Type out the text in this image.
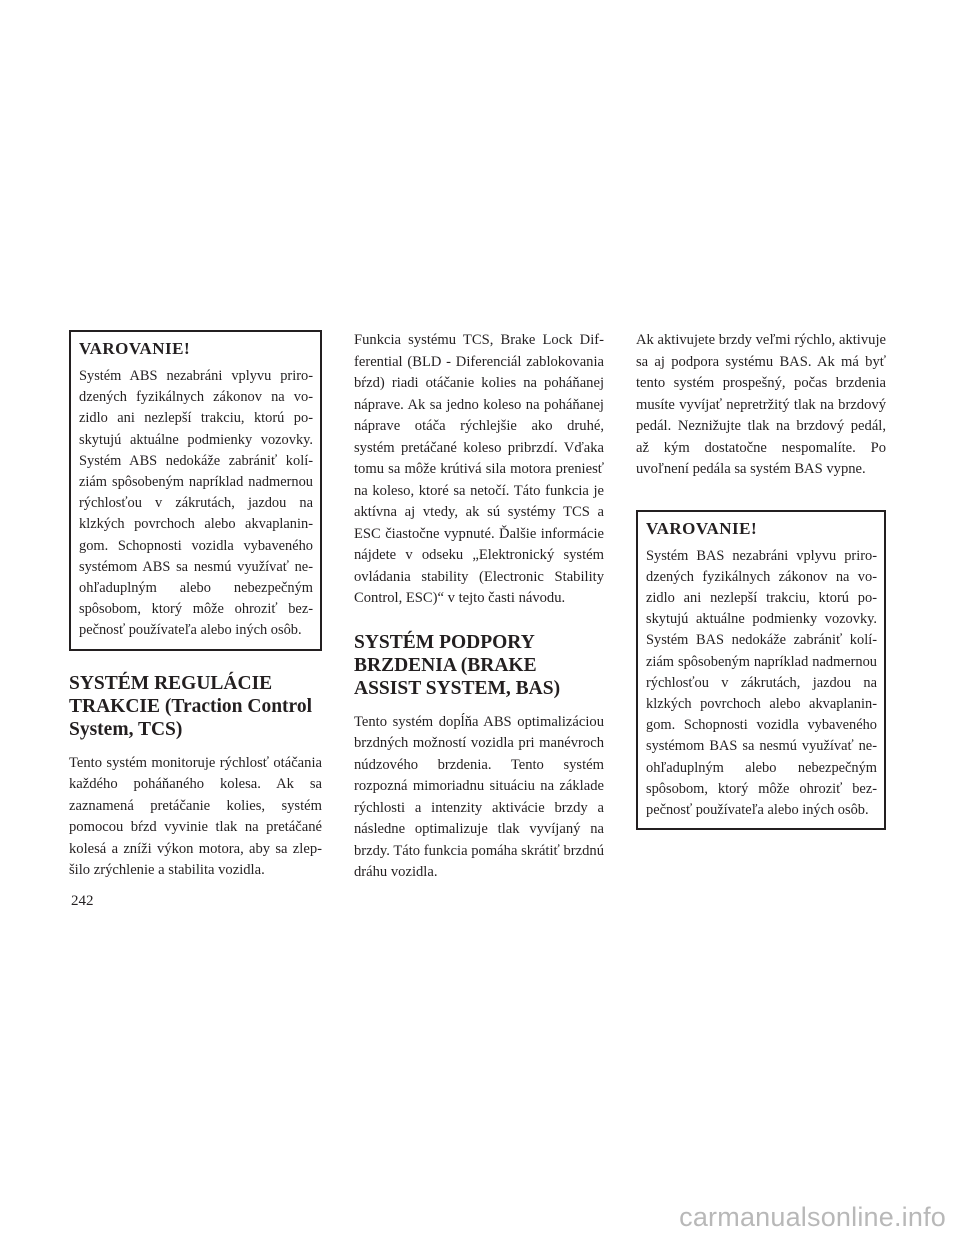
VAROVANIE!

Systém ABS nezabráni vplyvu prirodzených fyzikálnych zákonov na vozidlo ani nezlepší trakciu, ktorú poskytujú aktuálne podmienky vozovky. Systém ABS nedokáže zabrániť kolíziám spôsobeným napríklad nadmernou rýchlosťou v zákrutách, jazdou na klzkých povrchoch alebo akvaplaningom. Schopnosti vozidla vybaveného systémom ABS sa nesmú využívať neohľaduplným alebo nebezpečným spôsobom, ktorý môže ohroziť bezpečnosť používateľa alebo iných osôb.

SYSTÉM REGULÁCIE TRAKCIE (Traction Control System, TCS)

Tento systém monitoruje rýchlosť otáčania každého poháňaného kolesa. Ak sa zaznamená pretáčanie kolies, systém pomocou bŕzd vyvinie tlak na pretáčané kolesá a zníži výkon motora, aby sa zlepšilo zrýchlenie a stabilita vozidla.

Funkcia systému TCS, Brake Lock Differential (BLD - Diferenciál zablokovania bŕzd) riadi otáčanie kolies na poháňanej náprave. Ak sa jedno koleso na poháňanej náprave otáča rýchlejšie ako druhé, systém pretáčané koleso pribrzdí. Vďaka tomu sa môže krútivá sila motora preniesť na koleso, ktoré sa netočí. Táto funkcia je aktívna aj vtedy, ak sú systémy TCS a ESC čiastočne vypnuté. Ďalšie informácie nájdete v odseku „Elektronický systém ovládania stability (Electronic Stability Control, ESC)“ v tejto časti návodu.

SYSTÉM PODPORY BRZDENIA (BRAKE ASSIST SYSTEM, BAS)

Tento systém dopĺňa ABS optimalizáciou brzdných možností vozidla pri manévroch núdzového brzdenia. Tento systém rozpozná mimoriadnu situáciu na základe rýchlosti a intenzity aktivácie brzdy a následne optimalizuje tlak vyvíjaný na brzdy. Táto funkcia pomáha skrátiť brzdnú dráhu vozidla.

Ak aktivujete brzdy veľmi rýchlo, aktivuje sa aj podpora systému BAS. Ak má byť tento systém prospešný, počas brzdenia musíte vyvíjať nepretržitý tlak na brzdový pedál. Neznižujte tlak na brzdový pedál, až kým dostatočne nespomalíte. Po uvoľnení pedála sa systém BAS vypne.

VAROVANIE!

Systém BAS nezabráni vplyvu prirodzených fyzikálnych zákonov na vozidlo ani nezlepší trakciu, ktorú poskytujú aktuálne podmienky vozovky. Systém BAS nedokáže zabrániť kolíziám spôsobeným napríklad nadmernou rýchlosťou v zákrutách, jazdou na klzkých povrchoch alebo akvaplaningom. Schopnosti vozidla vybaveného systémom BAS sa nesmú využívať neohľaduplným alebo nebezpečným spôsobom, ktorý môže ohroziť bezpečnosť používateľa alebo iných osôb.

242
carmanualsonline.info
